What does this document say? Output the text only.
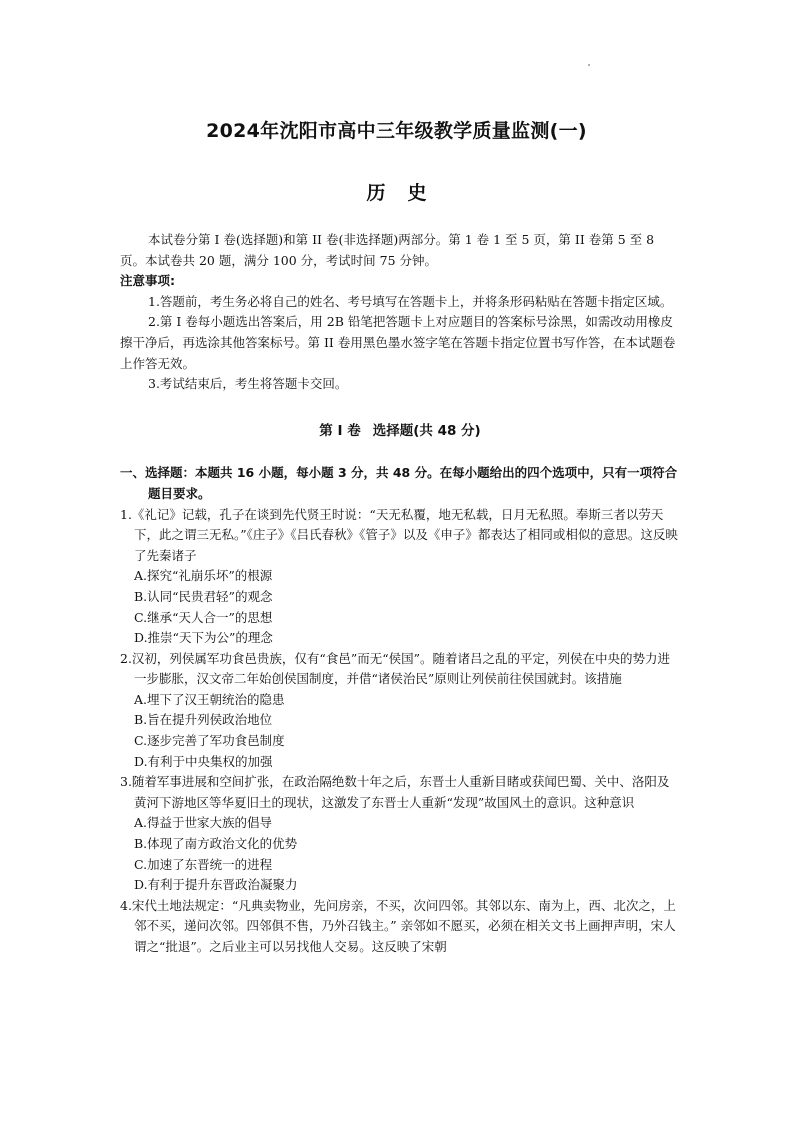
2024年沈阳市高中三年级教学质量监测(一)
历史

本试卷分第 I 卷(选择题)和第 II 卷(非选择题)两部分。第 1 卷 1 至 5 页，第 II 卷第 5 至 8 页。本试卷共 20 题，满分 100 分，考试时间 75 分钟。

注意事项:

1.答题前，考生务必将自己的姓名、考号填写在答题卡上，并将条形码粘贴在答题卡指定区域。

2.第 I 卷每小题选出答案后，用 2B 铅笔把答题卡上对应题目的答案标号涂黑，如需改动用橡皮擦干净后，再选涂其他答案标号。第 II 卷用黑色墨水签字笔在答题卡指定位置书写作答，在本试题卷上作答无效。

3.考试结束后，考生将答题卡交回。

第 I 卷 选择题(共 48 分)

一、选择题：本题共 16 小题，每小题 3 分，共 48 分。在每小题给出的四个选项中，只有一项符合题目要求。

1.《礼记》记载，孔子在谈到先代贤王时说：“天无私覆，地无私载，日月无私照。奉斯三者以劳天下，此之谓三无私。”《庄子》《吕氏春秋》《管子》以及《申子》都表达了相同或相似的意思。这反映了先秦诸子

A.探究“礼崩乐坏”的根源

B.认同“民贵君轻”的观念

C.继承“天人合一”的思想

D.推崇“天下为公”的理念

2.汉初，列侯属军功食邑贵族，仅有“食邑”而无“侯国”。随着诸吕之乱的平定，列侯在中央的势力进一步膨胀，汉文帝二年始创侯国制度，并借“诸侯治民”原则让列侯前往侯国就封。该措施

A.埋下了汉王朝统治的隐患

B.旨在提升列侯政治地位

C.逐步完善了军功食邑制度

D.有利于中央集权的加强

3.随着军事进展和空间扩张，在政治隔绝数十年之后，东晋士人重新目睹或获闻巴蜀、关中、洛阳及黄河下游地区等华夏旧土的现状，这激发了东晋士人重新“发现”故国风土的意识。这种意识

A.得益于世家大族的倡导

B.体现了南方政治文化的优势

C.加速了东晋统一的进程

D.有利于提升东晋政治凝聚力

4.宋代土地法规定：“凡典卖物业，先问房亲，不买，次问四邻。其邻以东、南为上，西、北次之，上邻不买，递问次邻。四邻俱不售，乃外召钱主。” 亲邻如不愿买，必须在相关文书上画押声明，宋人谓之“批退”。之后业主可以另找他人交易。这反映了宋朝
